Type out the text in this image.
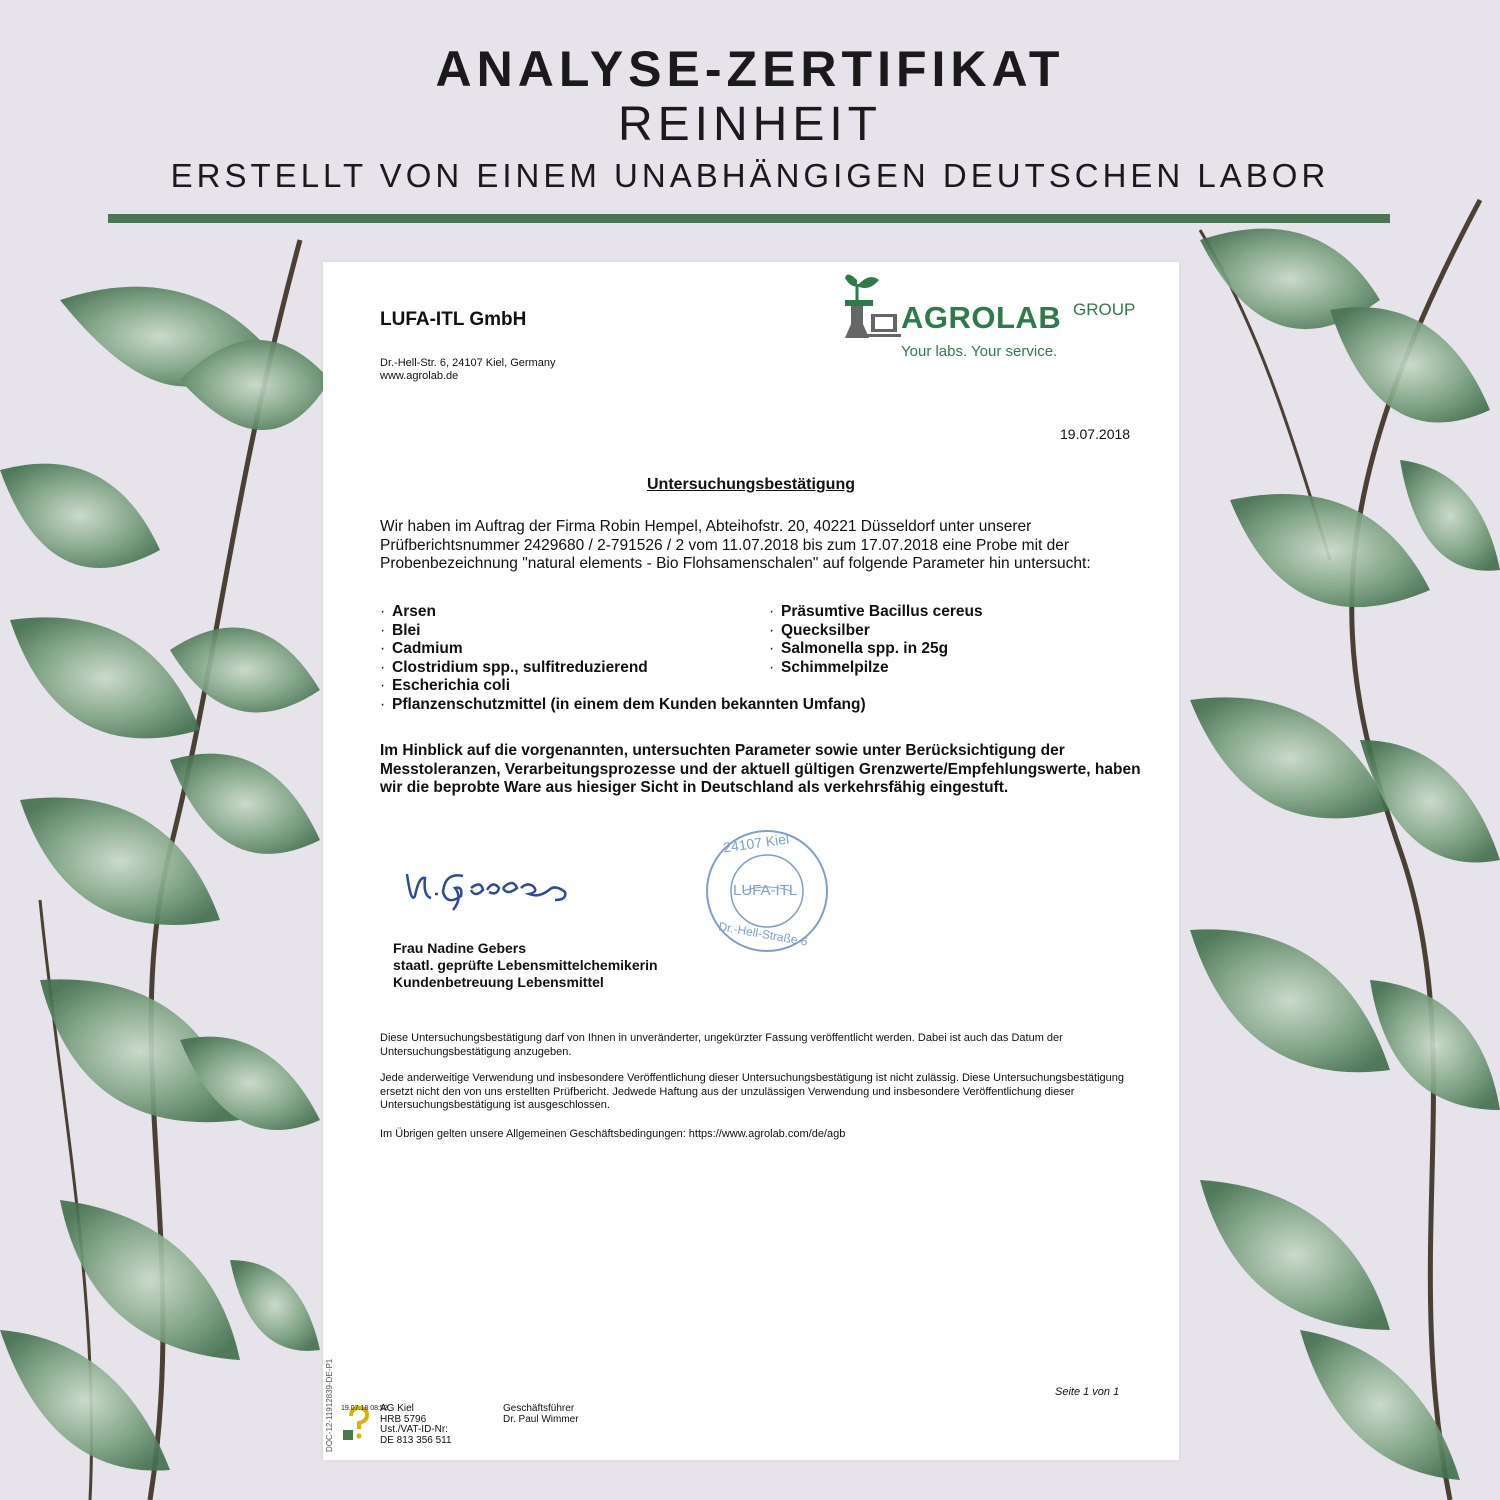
ANALYSE-ZERTIFIKAT
REINHEIT
ERSTELLT VON EINEM UNABHÄNGIGEN DEUTSCHEN LABOR
LUFA-ITL GmbH
Dr.-Hell-Str. 6, 24107 Kiel, Germany
www.agrolab.de
AGROLAB GROUP
Your labs. Your service.
19.07.2018
Untersuchungsbestätigung
Wir haben im Auftrag der Firma Robin Hempel, Abteihofstr. 20, 40221 Düsseldorf unter unserer Prüfberichtsnummer 2429680 / 2-791526 / 2 vom 11.07.2018 bis zum 17.07.2018 eine Probe mit der Probenbezeichnung "natural elements - Bio Flohsamenschalen" auf folgende Parameter hin untersucht:
· Arsen
· Blei
· Cadmium
· Clostridium spp., sulfitreduzierend
· Escherichia coli
· Pflanzenschutzmittel (in einem dem Kunden bekannten Umfang)
· Präsumtive Bacillus cereus
· Quecksilber
· Salmonella spp. in 25g
· Schimmelpilze
Im Hinblick auf die vorgenannten, untersuchten Parameter sowie unter Berücksichtigung der Messtoleranzen, Verarbeitungsprozesse und der aktuell gültigen Grenzwerte/Empfehlungswerte, haben wir die beprobte Ware aus hiesiger Sicht in Deutschland als verkehrsfähig eingestuft.
24107 Kiel
LUFA-ITL
Dr.-Hell-Straße 6
Frau Nadine Gebers
staatl. geprüfte Lebensmittelchemikerin
Kundenbetreuung Lebensmittel
Diese Untersuchungsbestätigung darf von Ihnen in unveränderter, ungekürzter Fassung veröffentlicht werden. Dabei ist auch das Datum der Untersuchungsbestätigung anzugeben.
Jede anderweitige Verwendung und insbesondere Veröffentlichung dieser Untersuchungsbestätigung ist nicht zulässig. Diese Untersuchungsbestätigung ersetzt nicht den von uns erstellten Prüfbericht. Jedwede Haftung aus der unzulässigen Verwendung und insbesondere Veröffentlichung dieser Untersuchungsbestätigung ist ausgeschlossen.
Im Übrigen gelten unsere Allgemeinen Geschäftsbedingungen: https://www.agrolab.com/de/agb
Seite 1 von 1
DOC-12-11912839-DE-P1 19.07.18 08:52
AG Kiel
HRB 5796
Ust./VAT-ID-Nr:
DE 813 356 511
Geschäftsführer
Dr. Paul Wimmer
